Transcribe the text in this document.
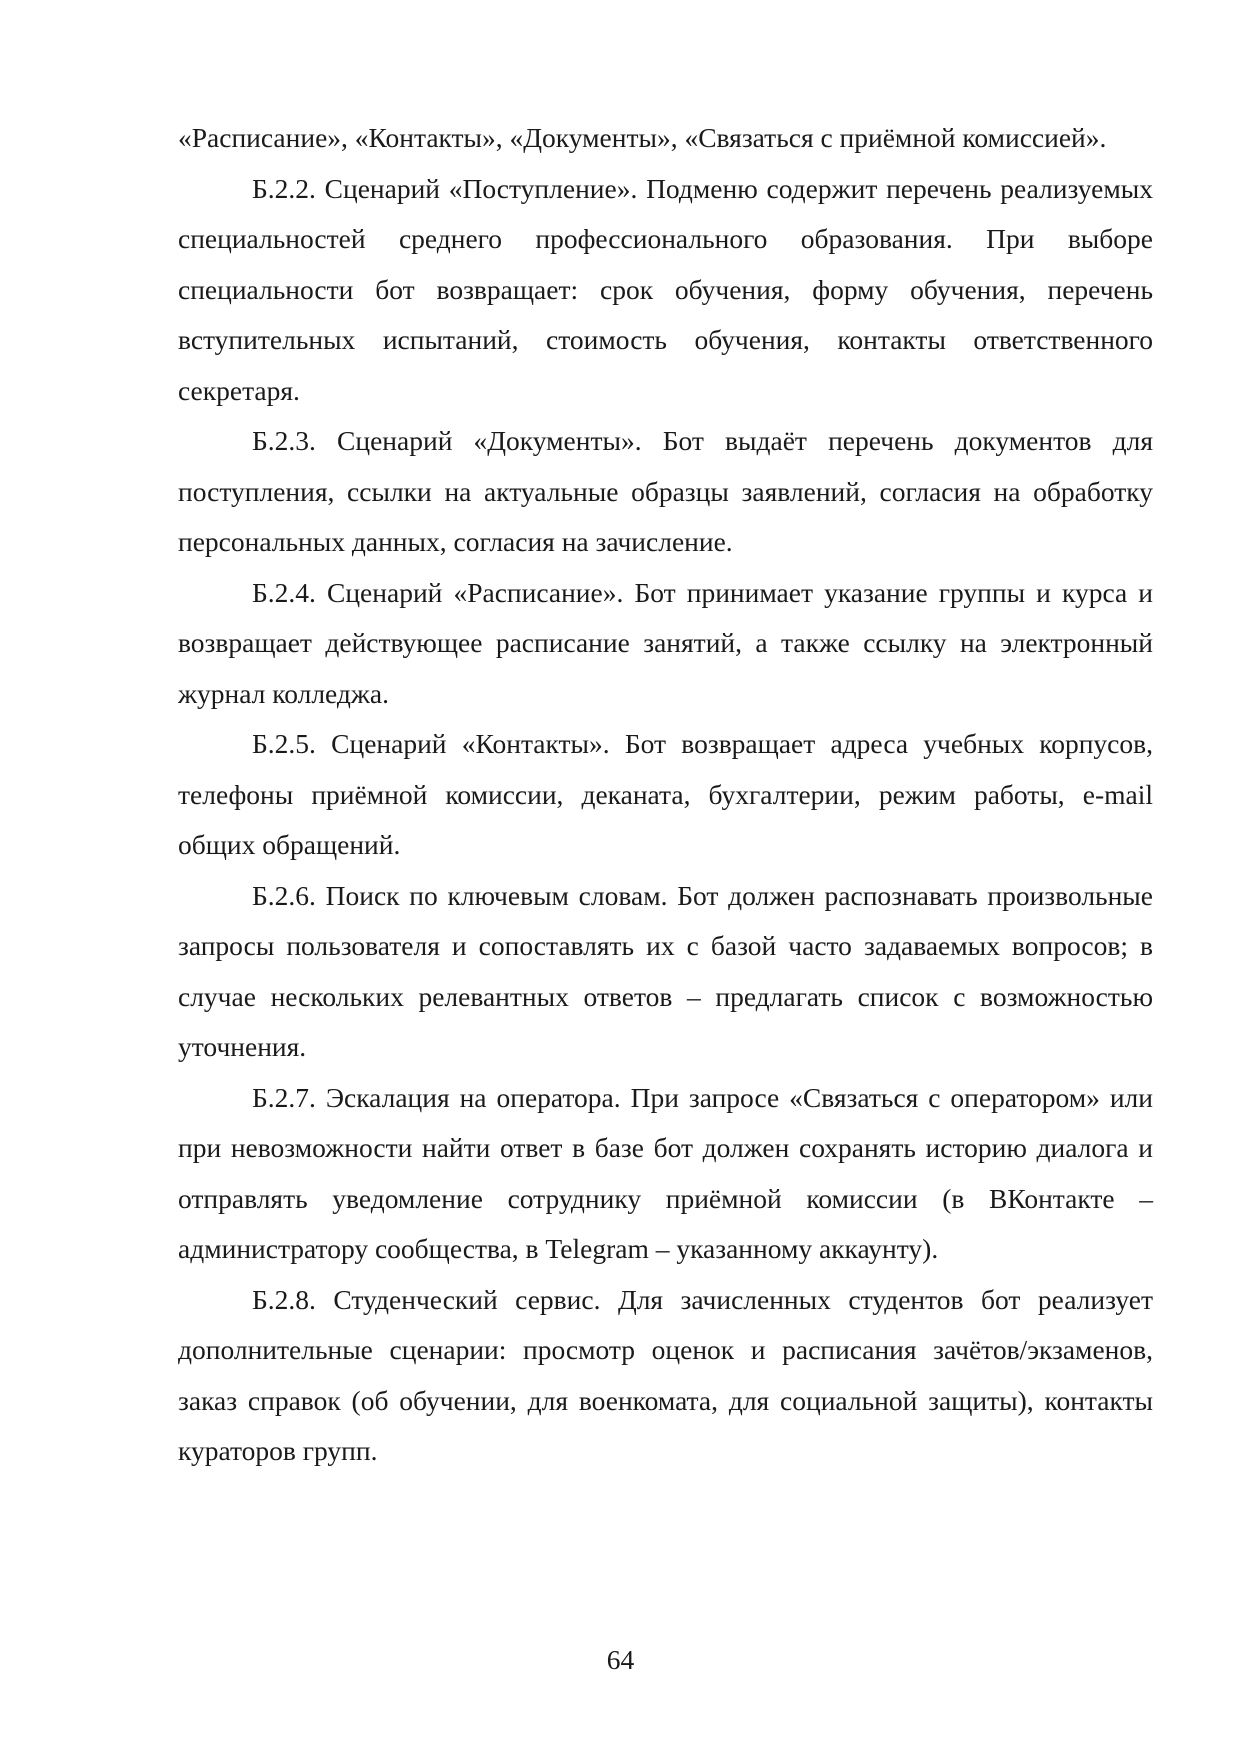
«Расписание», «Контакты», «Документы», «Связаться с приёмной комиссией».

Б.2.2. Сценарий «Поступление». Подменю содержит перечень реализуемых специальностей среднего профессионального образования. При выборе специальности бот возвращает: срок обучения, форму обучения, перечень вступительных испытаний, стоимость обучения, контакты ответственного секретаря.

Б.2.3. Сценарий «Документы». Бот выдаёт перечень документов для поступления, ссылки на актуальные образцы заявлений, согласия на обработку персональных данных, согласия на зачисление.

Б.2.4. Сценарий «Расписание». Бот принимает указание группы и курса и возвращает действующее расписание занятий, а также ссылку на электронный журнал колледжа.

Б.2.5. Сценарий «Контакты». Бот возвращает адреса учебных корпусов, телефоны приёмной комиссии, деканата, бухгалтерии, режим работы, e-mail общих обращений.

Б.2.6. Поиск по ключевым словам. Бот должен распознавать произвольные запросы пользователя и сопоставлять их с базой часто задаваемых вопросов; в случае нескольких релевантных ответов – предлагать список с возможностью уточнения.

Б.2.7. Эскалация на оператора. При запросе «Связаться с оператором» или при невозможности найти ответ в базе бот должен сохранять историю диалога и отправлять уведомление сотруднику приёмной комиссии (в ВКонтакте – администратору сообщества, в Telegram – указанному аккаунту).

Б.2.8. Студенческий сервис. Для зачисленных студентов бот реализует дополнительные сценарии: просмотр оценок и расписания зачётов/экзаменов, заказ справок (об обучении, для военкомата, для социальной защиты), контакты кураторов групп.

64
